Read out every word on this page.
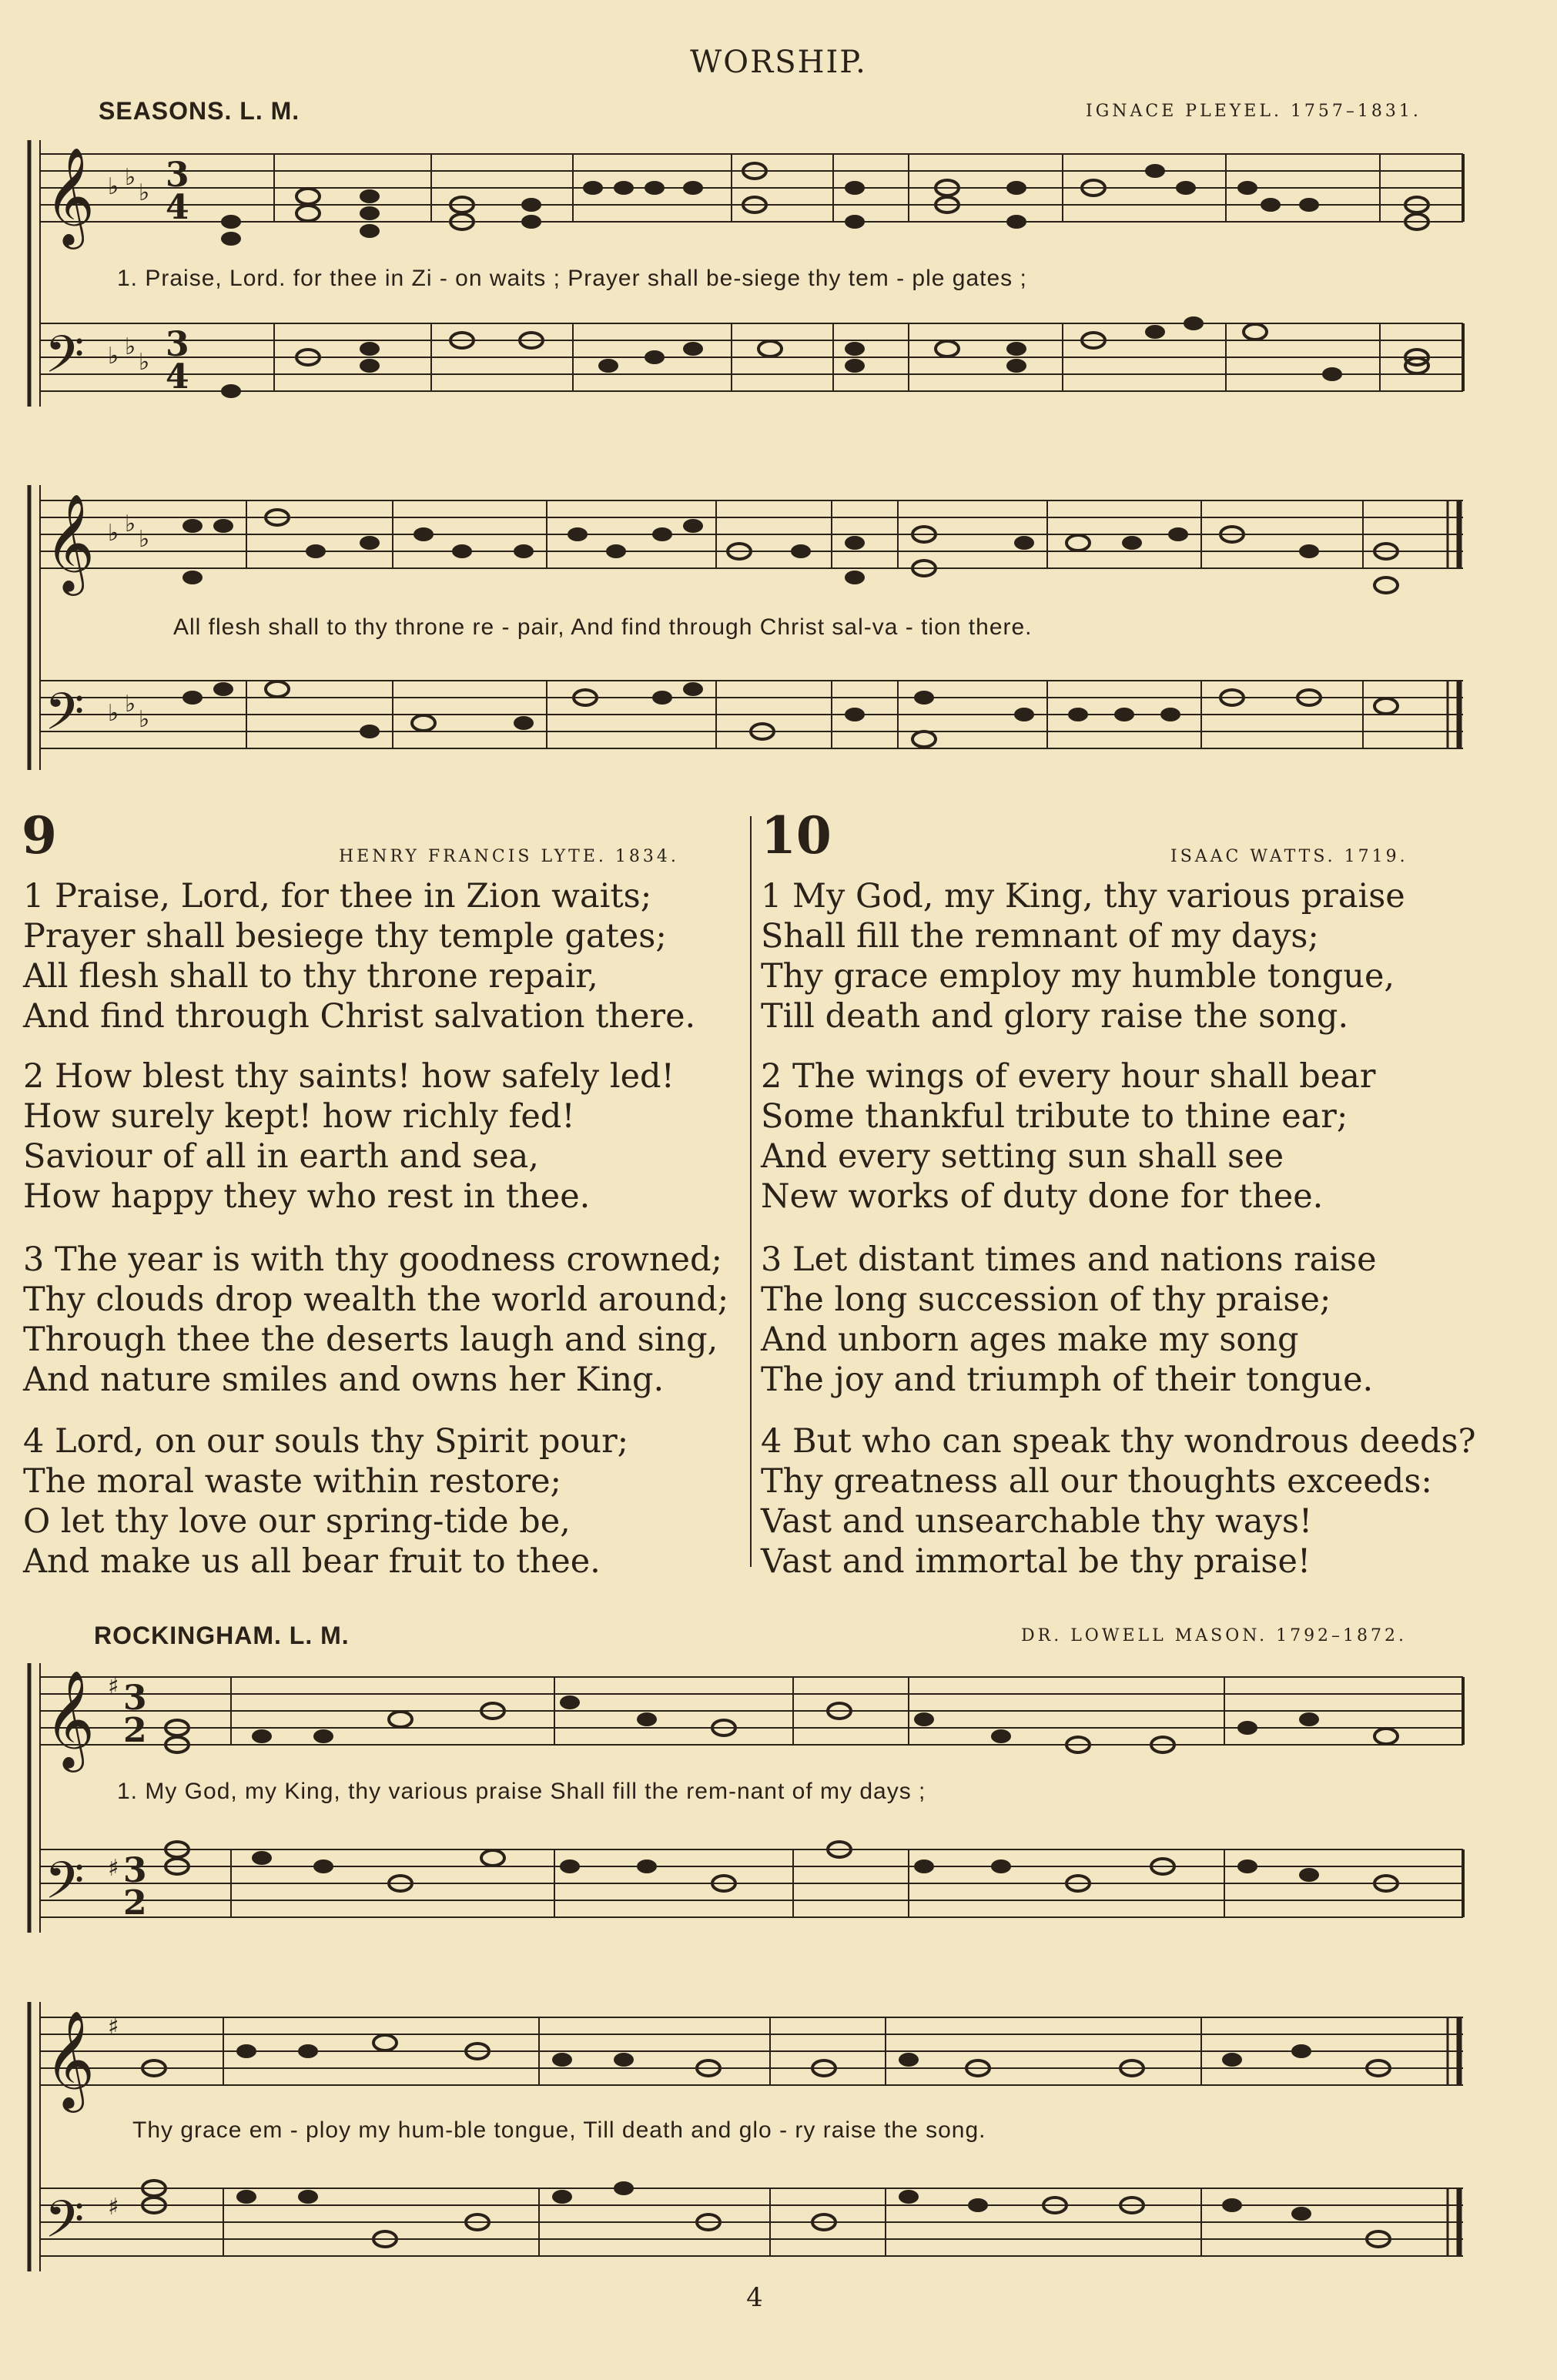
WORSHIP.
SEASONS. L. M.	IGNACE PLEYEL. 1757–1831.
𝄞
𝄢
♭ ♭
♭
♭ ♭
♭
3
4
3
4
𝄞
𝄢
♭ ♭
♭
♭ ♭
♭
1. Praise, Lord. for thee in Zi - on waits ; Prayer shall be-siege thy tem - ple gates ;
All flesh shall to thy throne re - pair, And find through Christ sal-va - tion there.
9	HENRY FRANCIS LYTE. 1834. 10	ISAAC WATTS. 1719.
1 Praise, Lord, for thee in Zion waits;
Prayer shall besiege thy temple gates;
All flesh shall to thy throne repair,
And find through Christ salvation there.
2 How blest thy saints! how safely led!
How surely kept! how richly fed!
Saviour of all in earth and sea,
How happy they who rest in thee.
3 The year is with thy goodness crowned;
Thy clouds drop wealth the world around;
Through thee the deserts laugh and sing,
And nature smiles and owns her King.
4 Lord, on our souls thy Spirit pour;
The moral waste within restore;
O let thy love our spring-tide be,
And make us all bear fruit to thee.
1 My God, my King, thy various praise
Shall fill the remnant of my days;
Thy grace employ my humble tongue,
Till death and glory raise the song.
2 The wings of every hour shall bear
Some thankful tribute to thine ear;
And every setting sun shall see
New works of duty done for thee.
3 Let distant times and nations raise
The long succession of thy praise;
And unborn ages make my song
The joy and triumph of their tongue.
4 But who can speak thy wondrous deeds?
Thy greatness all our thoughts exceeds:
Vast and unsearchable thy ways!
Vast and immortal be thy praise!
ROCKINGHAM. L. M.	DR. LOWELL MASON. 1792–1872.
𝄞
𝄢
♯
♯
3
2
3
2
𝄞
𝄢
♯
♯
1. My God, my King, thy various praise Shall fill the rem-nant of my days ;
Thy grace em - ploy my hum-ble tongue, Till death and glo - ry raise the song.
4
